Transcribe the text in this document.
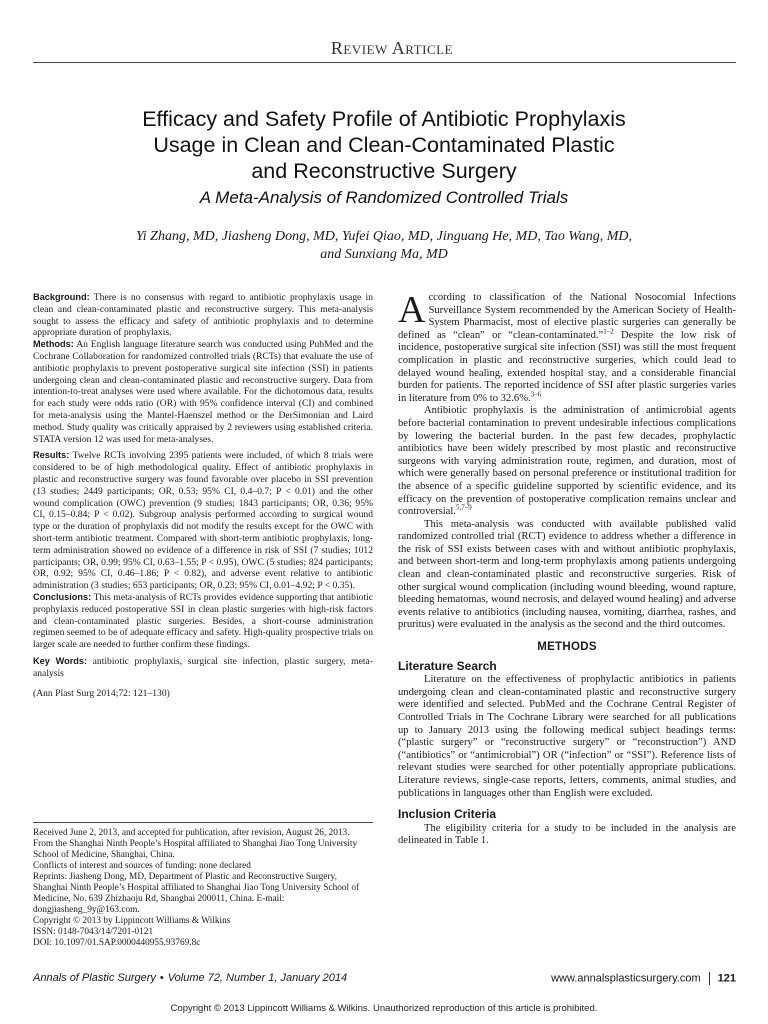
Review Article
Efficacy and Safety Profile of Antibiotic Prophylaxis
Usage in Clean and Clean-Contaminated Plastic
and Reconstructive Surgery
A Meta-Analysis of Randomized Controlled Trials
Yi Zhang, MD, Jiasheng Dong, MD, Yufei Qiao, MD, Jinguang He, MD, Tao Wang, MD,
and Sunxiang Ma, MD

Background: There is no consensus with regard to antibiotic prophylaxis usage in clean and clean-contaminated plastic and reconstructive surgery. This meta-analysis sought to assess the efficacy and safety of antibiotic prophylaxis and to determine appropriate duration of prophylaxis.

Methods: An English language literature search was conducted using PubMed and the Cochrane Collaboration for randomized controlled trials (RCTs) that evaluate the use of antibiotic prophylaxis to prevent postoperative surgical site infection (SSI) in patients undergoing clean and clean-contaminated plastic and reconstructive surgery. Data from intention-to-treat analyses were used where available. For the dichotomous data, results for each study were odds ratio (OR) with 95% confidence interval (CI) and combined for meta-analysis using the Mantel-Haenszel method or the DerSimonian and Laird method. Study quality was critically appraised by 2 reviewers using established criteria. STATA version 12 was used for meta-analyses.

Results: Twelve RCTs involving 2395 patients were included, of which 8 trials were considered to be of high methodological quality. Effect of antibiotic prophylaxis in plastic and reconstructive surgery was found favorable over placebo in SSI prevention (13 studies; 2449 participants; OR, 0.53; 95% CI, 0.4–0.7; P < 0.01) and the other wound complication (OWC) prevention (9 studies; 1843 participants; OR, 0.36; 95% CI, 0.15–0.84; P < 0.02). Subgroup analysis performed according to surgical wound type or the duration of prophylaxis did not modify the results except for the OWC with short-term antibiotic treatment. Compared with short-term antibiotic prophylaxis, long-term administration showed no evidence of a difference in risk of SSI (7 studies; 1012 participants; OR, 0.99; 95% CI, 0.63–1.55; P < 0.95), OWC (5 studies; 824 participants; OR, 0.92; 95% CI, 0.46–1.86; P < 0.82), and adverse event relative to antibiotic administration (3 studies; 653 participants; OR, 0.23; 95% CI, 0.01–4.92; P < 0.35).

Conclusions: This meta-analysis of RCTs provides evidence supporting that antibiotic prophylaxis reduced postoperative SSI in clean plastic surgeries with high-risk factors and clean-contaminated plastic surgeries. Besides, a short-course administration regimen seemed to be of adequate efficacy and safety. High-quality prospective trials on larger scale are needed to further confirm these findings.

Key Words: antibiotic prophylaxis, surgical site infection, plastic surgery, meta-analysis

(Ann Plast Surg 2014;72: 121–130)

Received June 2, 2013, and accepted for publication, after revision, August 26, 2013.
From the Shanghai Ninth People’s Hospital affiliated to Shanghai Jiao Tong University School of Medicine, Shanghai, China.
Conflicts of interest and sources of funding: none declared
Reprints: Jiasheng Dong, MD, Department of Plastic and Reconstructive Surgery, Shanghai Ninth People’s Hospital affiliated to Shanghai Jiao Tong University School of Medicine, No. 639 Zhizhaoju Rd, Shanghai 200011, China. E-mail: dongjiasheng_9y@163.com.
Copyright © 2013 by Lippincott Williams & Wilkins
ISSN: 0148-7043/14/7201-0121
DOI: 10.1097/01.SAP.0000440955.93769.8c

According to classification of the National Nosocomial Infections Surveillance System recommended by the American Society of Health-System Pharmacist, most of elective plastic surgeries can generally be defined as “clean” or “clean-contaminated.”$^{1-2}$ Despite the low risk of incidence, postoperative surgical site infection (SSI) was still the most frequent complication in plastic and reconstructive surgeries, which could lead to delayed wound healing, extended hospital stay, and a considerable financial burden for patients. The reported incidence of SSI after plastic surgeries varies in literature from 0% to 32.6%.$^{3-6}$

Antibiotic prophylaxis is the administration of antimicrobial agents before bacterial contamination to prevent undesirable infectious complications by lowering the bacterial burden. In the past few decades, prophylactic antibiotics have been widely prescribed by most plastic and reconstructive surgeons with varying administration route, regimen, and duration, most of which were generally based on personal preference or institutional tradition for the absence of a specific guideline supported by scientific evidence, and its efficacy on the prevention of postoperative complication remains unclear and controversial.$^{5,7-9}$

This meta-analysis was conducted with available published valid randomized controlled trial (RCT) evidence to address whether a difference in the risk of SSI exists between cases with and without antibiotic prophylaxis, and between short-term and long-term prophylaxis among patients undergoing clean and clean-contaminated plastic and reconstructive surgeries. Risk of other surgical wound complication (including wound bleeding, wound rapture, bleeding hematomas, wound necrosis, and delayed wound healing) and adverse events relative to antibiotics (including nausea, vomiting, diarrhea, rashes, and pruritus) were evaluated in the analysis as the second and the third outcomes.

METHODS
Literature Search

Literature on the effectiveness of prophylactic antibiotics in patients undergoing clean and clean-contaminated plastic and reconstructive surgery were identified and selected. PubMed and the Cochrane Central Register of Controlled Trials in The Cochrane Library were searched for all publications up to January 2013 using the following medical subject headings terms: (“plastic surgery” or “reconstructive surgery” or “reconstruction”) AND (“antibiotics” or “antimicrobial”) OR (“infection” or “SSI”). Reference lists of relevant studies were searched for other potentially appropriate publications. Literature reviews, single-case reports, letters, comments, animal studies, and publications in languages other than English were excluded.

Inclusion Criteria

The eligibility criteria for a study to be included in the analysis are delineated in Table 1.

Annals of Plastic Surgery • Volume 72, Number 1, January 2014	www.annalsplasticsurgery.com 121
Copyright © 2013 Lippincott Williams & Wilkins. Unauthorized reproduction of this article is prohibited.
